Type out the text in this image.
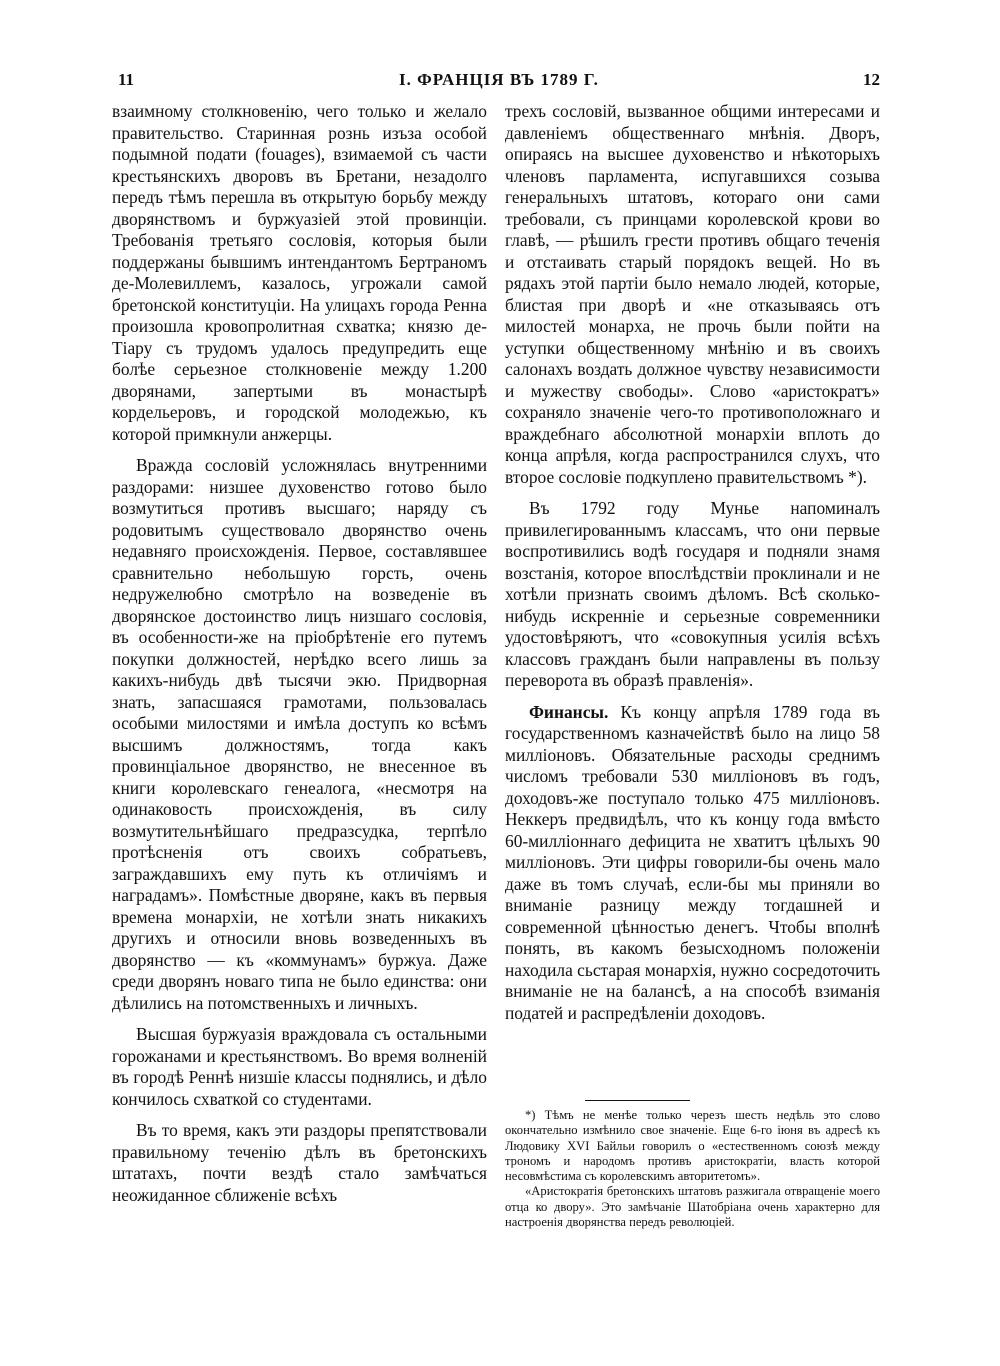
11	I. ФРАНЦІЯ ВЪ 1789 Г.	12

взаимному столкновенію, чего только и желало правительство. Старинная рознь изъза особой подымной подати (fouages), взимаемой съ части крестьянскихъ дворовъ въ Бретани, незадолго передъ тѣмъ перешла въ открытую борьбу между дворянствомъ и буржуазіей этой провинціи. Требованія третьяго сословія, которыя были поддержаны бывшимъ интендантомъ Бертраномъ де-Молевиллемъ, казалось, угрожали самой бретонской конституціи. На улицахъ города Ренна произошла кровопролитная схватка; князю де-Тіару съ трудомъ удалось предупредить еще болѣе серьезное столкновеніе между 1.200 дворянами, запертыми въ монастырѣ кордельеровъ, и городской молодежью, къ которой примкнули анжерцы.

Вражда сословій усложнялась внутренними раздорами: низшее духовенство готово было возмутиться противъ высшаго; наряду съ родовитымъ существовало дворянство очень недавняго происхожденія. Первое, составлявшее сравнительно небольшую горсть, очень недружелюбно смотрѣло на возведеніе въ дворянское достоинство лицъ низшаго сословія, въ особенности-же на пріобрѣтеніе его путемъ покупки должностей, нерѣдко всего лишь за какихъ-нибудь двѣ тысячи экю. Придворная знать, запасшаяся грамотами, пользовалась особыми милостями и имѣла доступъ ко всѣмъ высшимъ должностямъ, тогда какъ провинціальное дворянство, не внесенное въ книги королевскаго генеалога, «несмотря на одинаковость происхожденія, въ силу возмутительнѣйшаго предразсудка, терпѣло протѣсненія отъ своихъ собратьевъ, заграждавшихъ ему путь къ отличіямъ и наградамъ». Помѣстные дворяне, какъ въ первыя времена монархіи, не хотѣли знать никакихъ другихъ и относили вновь возведенныхъ въ дворянство — къ «коммунамъ» буржуа. Даже среди дворянъ новаго типа не было единства: они дѣлились на потомственныхъ и личныхъ.

Высшая буржуазія враждовала съ остальными горожанами и крестьянствомъ. Во время волненій въ городѣ Реннѣ низшіе классы поднялись, и дѣло кончилось схваткой со студентами.

Въ то время, какъ эти раздоры препятствовали правильному теченію дѣлъ въ бретонскихъ штатахъ, почти вездѣ стало замѣчаться неожиданное сближеніе всѣхъ

трехъ сословій, вызванное общими интересами и давленіемъ общественнаго мнѣнія. Дворъ, опираясь на высшее духовенство и нѣкоторыхъ членовъ парламента, испугавшихся созыва генеральныхъ штатовъ, котораго они сами требовали, съ принцами королевской крови во главѣ, — рѣшилъ грести противъ общаго теченія и отстаивать старый порядокъ вещей. Но въ рядахъ этой партіи было немало людей, которые, блистая при дворѣ и «не отказываясь отъ милостей монарха, не прочь были пойти на уступки общественному мнѣнію и въ своихъ салонахъ воздать должное чувству независимости и мужеству свободы». Слово «аристократъ» сохраняло значеніе чего-то противоположнаго и враждебнаго абсолютной монархіи вплоть до конца апрѣля, когда распространился слухъ, что второе сословіе подкуплено правительствомъ *).

Въ 1792 году Мунье напоминалъ привилегированнымъ классамъ, что они первые воспротивились водѣ государя и подняли знамя возстанія, которое впослѣдствіи проклинали и не хотѣли признать своимъ дѣломъ. Всѣ сколько-нибудь искренніе и серьезные современники удостовѣряютъ, что «совокупныя усилія всѣхъ классовъ гражданъ были направлены въ пользу переворота въ образѣ правленія».

Финансы. Къ концу апрѣля 1789 года въ государственномъ казначействѣ было на лицо 58 милліоновъ. Обязательные расходы среднимъ числомъ требовали 530 милліоновъ въ годъ, доходовъ-же поступало только 475 милліоновъ. Неккеръ предвидѣлъ, что къ концу года вмѣсто 60-милліоннаго дефицита не хватитъ цѣлыхъ 90 милліоновъ. Эти цифры говорили-бы очень мало даже въ томъ случаѣ, если-бы мы приняли во вниманіе разницу между тогдашней и современной цѣнностью денегъ. Чтобы вполнѣ понять, въ какомъ безысходномъ положеніи находила сьстарая монархія, нужно сосредоточить вниманіе не на балансѣ, а на способѣ взиманія податей и распредѣленіи доходовъ.

*) Тѣмъ не менѣе только черезъ шесть недѣль это слово окончательно измѣнило свое значеніе. Еще 6-го іюня въ адресѣ къ Людовику XVI Байльи говорилъ о «естественномъ союзѣ между трономъ и народомъ противъ аристократіи, власть которой несовмѣстима съ королевскимъ авторитетомъ».

«Аристократія бретонскихъ штатовъ разжигала отвращеніе моего отца ко двору». Это замѣчаніе Шатобріана очень характерно для настроенія дворянства передъ революціей.
